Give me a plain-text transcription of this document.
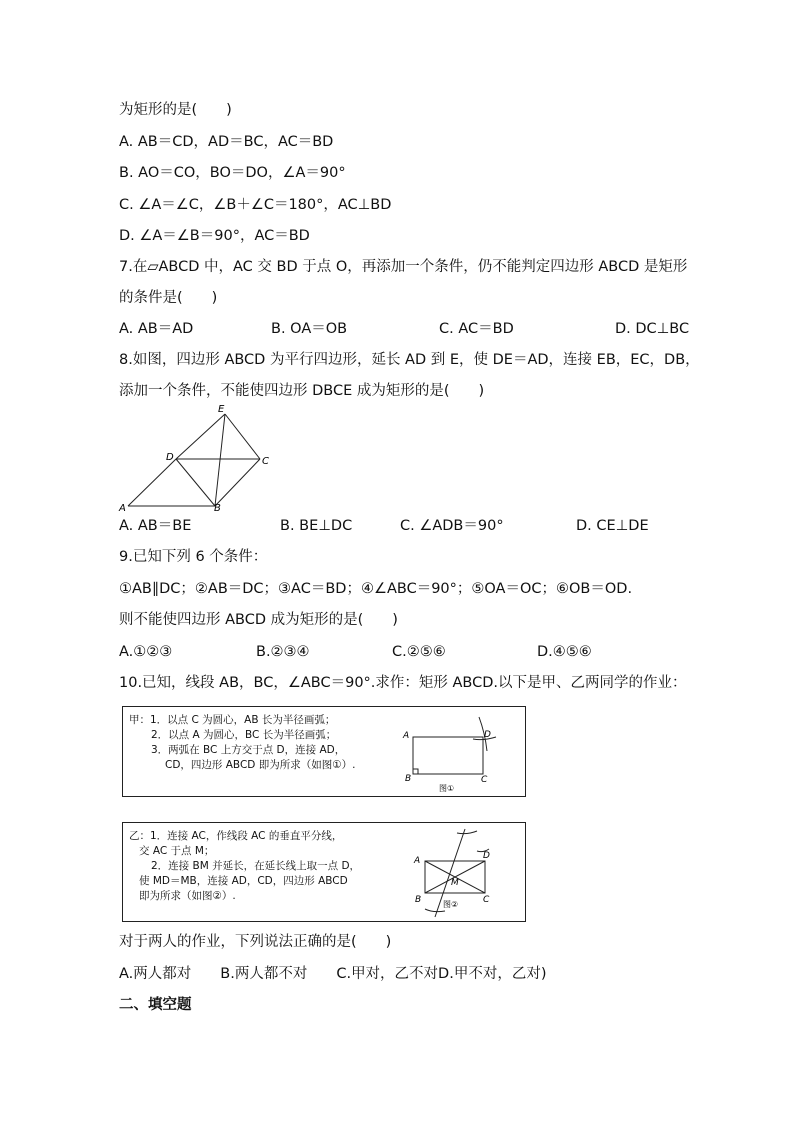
为矩形的是(　　)
A. AB＝CD，AD＝BC，AC＝BD
B. AO＝CO，BO＝DO，∠A＝90°
C. ∠A＝∠C，∠B＋∠C＝180°，AC⊥BD
D. ∠A＝∠B＝90°，AC＝BD
7.在▱ABCD 中，AC 交 BD 于点 O，再添加一个条件，仍不能判定四边形 ABCD 是矩形
的条件是(　　)
A. AB＝AD	B. OA＝OB	C. AC＝BD	D. DC⊥BC
8.如图，四边形 ABCD 为平行四边形，延长 AD 到 E，使 DE＝AD，连接 EB，EC，DB，
添加一个条件，不能使四边形 DBCE 成为矩形的是(　　)
E
D	C
A	B
A. AB＝BE	B. BE⊥DC	C. ∠ADB＝90°	D. CE⊥DE
9.已知下列 6 个条件：
①AB∥DC；②AB＝DC；③AC＝BD；④∠ABC＝90°；⑤OA＝OC；⑥OB＝OD.
则不能使四边形 ABCD 成为矩形的是(　　)
A.①②③	B.②③④	C.②⑤⑥	D.④⑤⑥
10.已知，线段 AB，BC，∠ABC＝90°.求作：矩形 ABCD.以下是甲、乙两同学的作业：
甲：1．以点 C 为圆心，AB 长为半径画弧；
2．以点 A 为圆心，BC 长为半径画弧；
3．两弧在 BC 上方交于点 D，连接 AD，
CD，四边形 ABCD 即为所求（如图①）.
A
B	C
D
图①
乙：1．连接 AC，作线段 AC 的垂直平分线，
交 AC 于点 M；
2．连接 BM 并延长，在延长线上取一点 D，
使 MD＝MB，连接 AD，CD，四边形 ABCD
即为所求（如图②）.
A
B	C
D
M
图②
对于两人的作业，下列说法正确的是(　　)
A.两人都对　　B.两人都不对　　C.甲对，乙不对D.甲不对，乙对)
二、填空题
